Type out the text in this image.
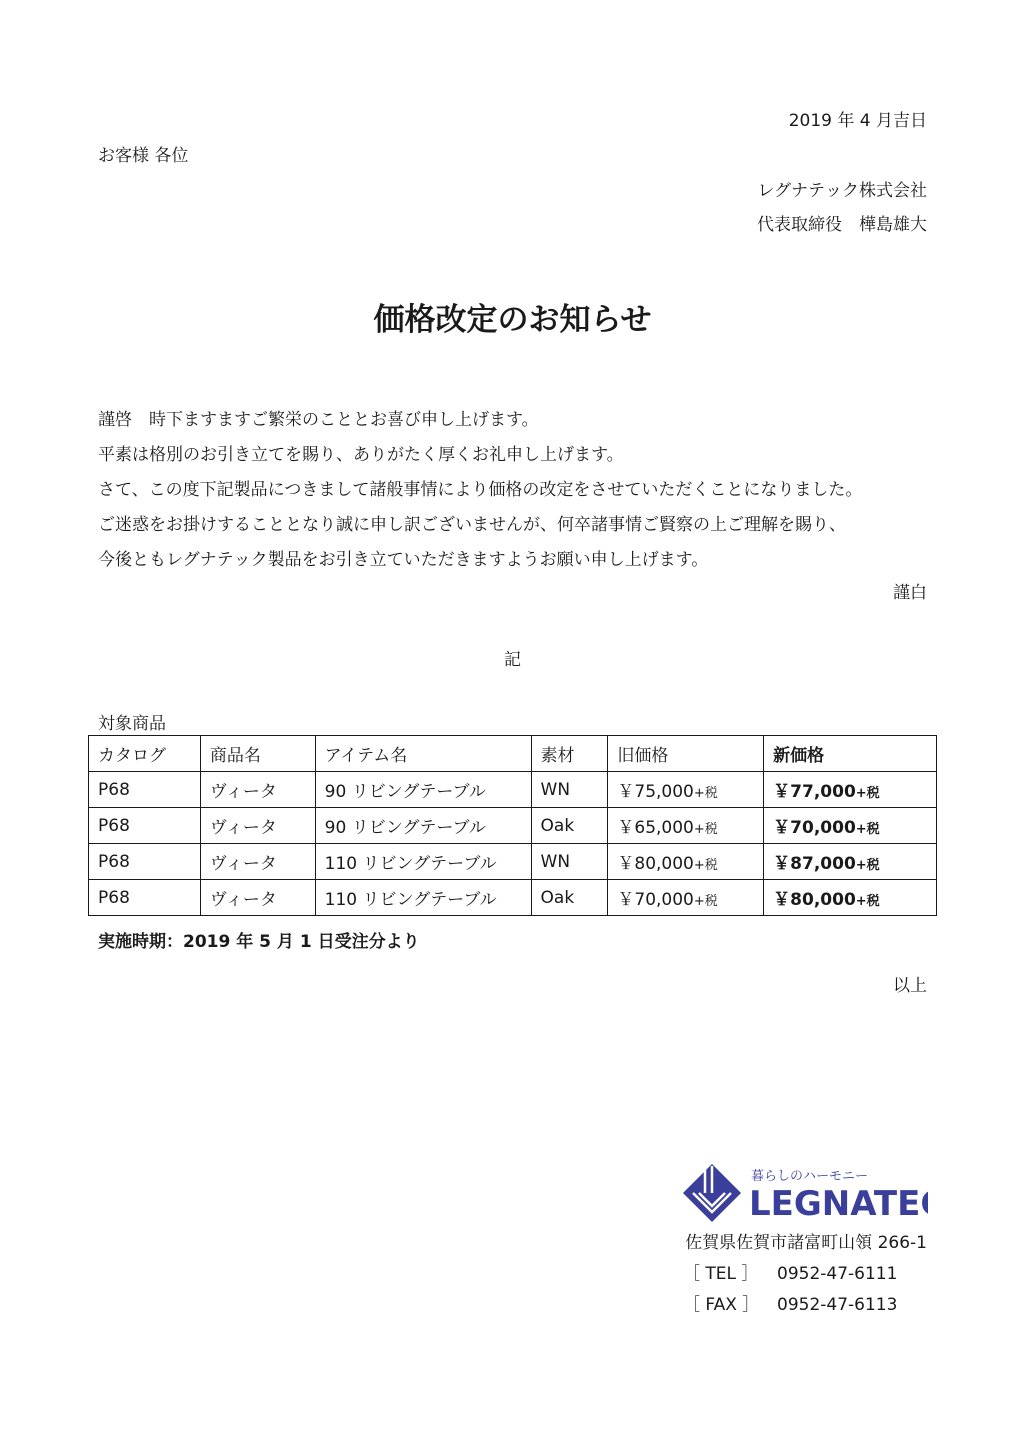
2019 年 4 月吉日
お客様 各位
レグナテック株式会社
代表取締役　樺島雄大
価格改定のお知らせ
謹啓　時下ますますご繁栄のこととお喜び申し上げます。
平素は格別のお引き立てを賜り、ありがたく厚くお礼申し上げます。
さて、この度下記製品につきまして諸般事情により価格の改定をさせていただくことになりました。
ご迷惑をお掛けすることとなり誠に申し訳ございませんが、何卒諸事情ご賢察の上ご理解を賜り、
今後ともレグナテック製品をお引き立ていただきますようお願い申し上げます。
謹白
記
対象商品
カタログ	商品名	アイテム名	素材	旧価格	新価格
P68	ヴィータ	90 リビングテーブル	WN	￥75,000+税	￥77,000+税
P68	ヴィータ	90 リビングテーブル	Oak	￥65,000+税	￥70,000+税
P68	ヴィータ	110 リビングテーブル	WN	￥80,000+税	￥87,000+税
P68	ヴィータ	110 リビングテーブル	Oak	￥70,000+税	￥80,000+税
実施時期：2019 年 5 月 1 日受注分より
以上
暮らしのハーモニー
LEGNATEC
佐賀県佐賀市諸富町山領 266-1
［ TEL ］ 0952-47-6111
［ FAX ］ 0952-47-6113
